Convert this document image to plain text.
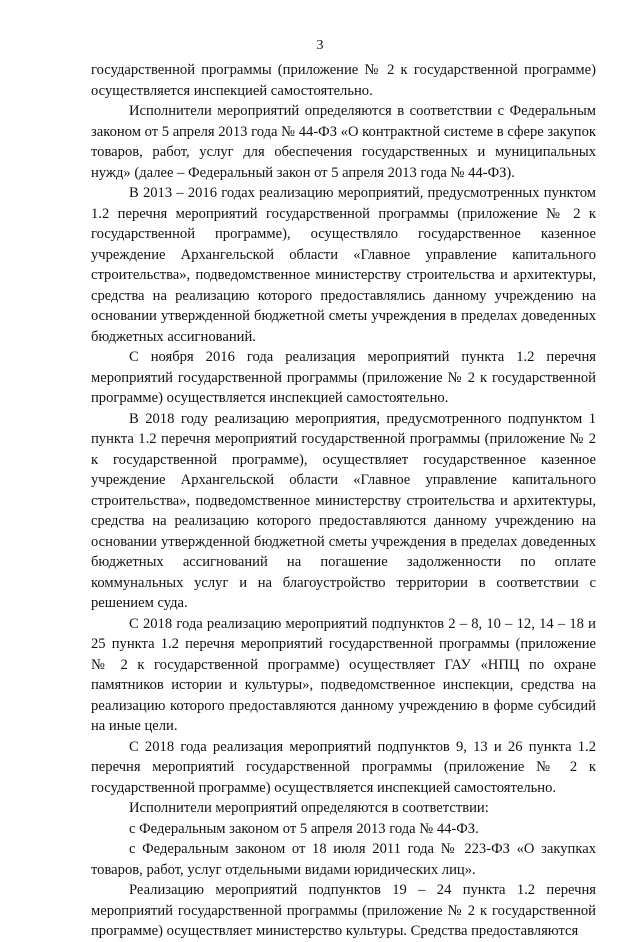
3

государственной программы (приложение № 2 к государственной программе) осуществляется инспекцией самостоятельно.

Исполнители мероприятий определяются в соответствии с Федеральным законом от 5 апреля 2013 года № 44-ФЗ «О контрактной системе в сфере закупок товаров, работ, услуг для обеспечения государственных и муниципальных нужд» (далее – Федеральный закон от 5 апреля 2013 года № 44-ФЗ).

В 2013 – 2016 годах реализацию мероприятий, предусмотренных пунктом 1.2 перечня мероприятий государственной программы (приложение № 2 к государственной программе), осуществляло государственное казенное учреждение Архангельской области «Главное управление капитального строительства», подведомственное министерству строительства и архитектуры, средства на реализацию которого предоставлялись данному учреждению на основании утвержденной бюджетной сметы учреждения в пределах доведенных бюджетных ассигнований.

С ноября 2016 года реализация мероприятий пункта 1.2 перечня мероприятий государственной программы (приложение № 2 к государственной программе) осуществляется инспекцией самостоятельно.

В 2018 году реализацию мероприятия, предусмотренного подпунктом 1 пункта 1.2 перечня мероприятий государственной программы (приложение № 2 к государственной программе), осуществляет государственное казенное учреждение Архангельской области «Главное управление капитального строительства», подведомственное министерству строительства и архитектуры, средства на реализацию которого предоставляются данному учреждению на основании утвержденной бюджетной сметы учреждения в пределах доведенных бюджетных ассигнований на погашение задолженности по оплате коммунальных услуг и на благоустройство территории в соответствии с решением суда.

С 2018 года реализацию мероприятий подпунктов 2 – 8, 10 – 12, 14 – 18 и 25 пункта 1.2 перечня мероприятий государственной программы (приложение № 2 к государственной программе) осуществляет ГАУ «НПЦ по охране памятников истории и культуры», подведомственное инспекции, средства на реализацию которого предоставляются данному учреждению в форме субсидий на иные цели.

С 2018 года реализация мероприятий подпунктов 9, 13 и 26 пункта 1.2 перечня мероприятий государственной программы (приложение № 2 к государственной программе) осуществляется инспекцией самостоятельно.

Исполнители мероприятий определяются в соответствии:

с Федеральным законом от 5 апреля 2013 года № 44-ФЗ.

с Федеральным законом от 18 июля 2011 года № 223-ФЗ «О закупках товаров, работ, услуг отдельными видами юридических лиц».

Реализацию мероприятий подпунктов 19 – 24 пункта 1.2 перечня мероприятий государственной программы (приложение № 2 к государственной программе) осуществляет министерство культуры. Средства предоставляются
